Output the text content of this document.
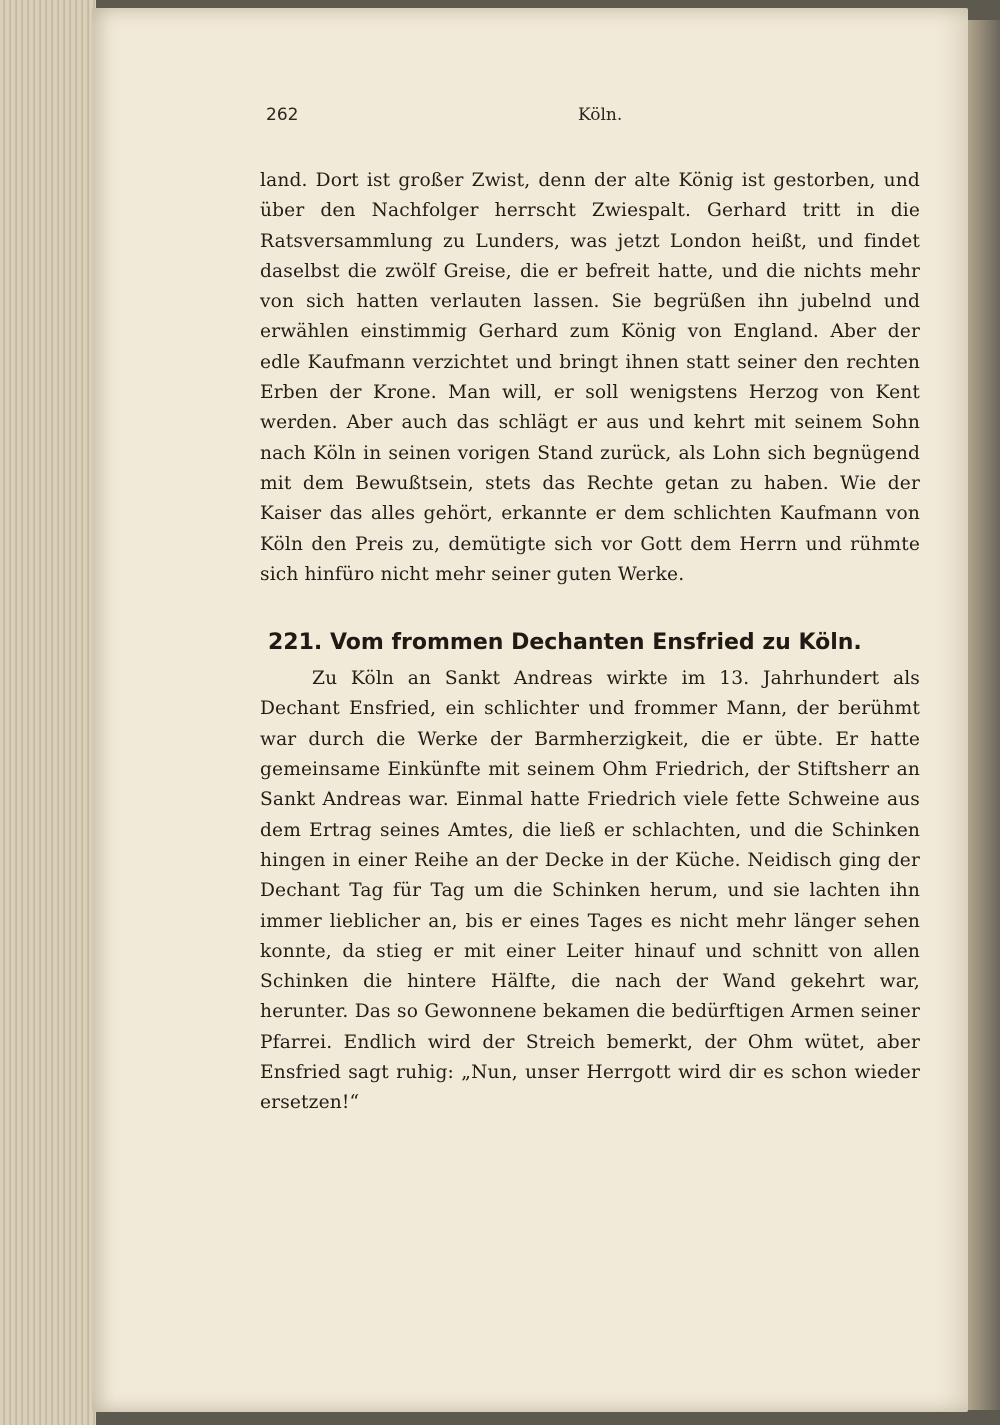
262	Köln.

land. Dort ist großer Zwist, denn der alte König ist gestorben, und über den Nachfolger herrscht Zwiespalt. Gerhard tritt in die Ratsversammlung zu Lunders, was jetzt London heißt, und findet daselbst die zwölf Greise, die er befreit hatte, und die nichts mehr von sich hatten verlauten lassen. Sie begrüßen ihn jubelnd und erwählen einstimmig Gerhard zum König von England. Aber der edle Kaufmann verzichtet und bringt ihnen statt seiner den rechten Erben der Krone. Man will, er soll wenigstens Herzog von Kent werden. Aber auch das schlägt er aus und kehrt mit seinem Sohn nach Köln in seinen vorigen Stand zurück, als Lohn sich begnügend mit dem Bewußtsein, stets das Rechte getan zu haben. Wie der Kaiser das alles gehört, erkannte er dem schlichten Kaufmann von Köln den Preis zu, demütigte sich vor Gott dem Herrn und rühmte sich hinfüro nicht mehr seiner guten Werke.

221. Vom frommen Dechanten Ensfried zu Köln.

Zu Köln an Sankt Andreas wirkte im 13. Jahrhundert als Dechant Ensfried, ein schlichter und frommer Mann, der berühmt war durch die Werke der Barmherzigkeit, die er übte. Er hatte gemeinsame Einkünfte mit seinem Ohm Friedrich, der Stiftsherr an Sankt Andreas war. Einmal hatte Friedrich viele fette Schweine aus dem Ertrag seines Amtes, die ließ er schlachten, und die Schinken hingen in einer Reihe an der Decke in der Küche. Neidisch ging der Dechant Tag für Tag um die Schinken herum, und sie lachten ihn immer lieblicher an, bis er eines Tages es nicht mehr länger sehen konnte, da stieg er mit einer Leiter hinauf und schnitt von allen Schinken die hintere Hälfte, die nach der Wand gekehrt war, herunter. Das so Gewonnene bekamen die bedürftigen Armen seiner Pfarrei. Endlich wird der Streich bemerkt, der Ohm wütet, aber Ensfried sagt ruhig: „Nun, unser Herrgott wird dir es schon wieder ersetzen!“
